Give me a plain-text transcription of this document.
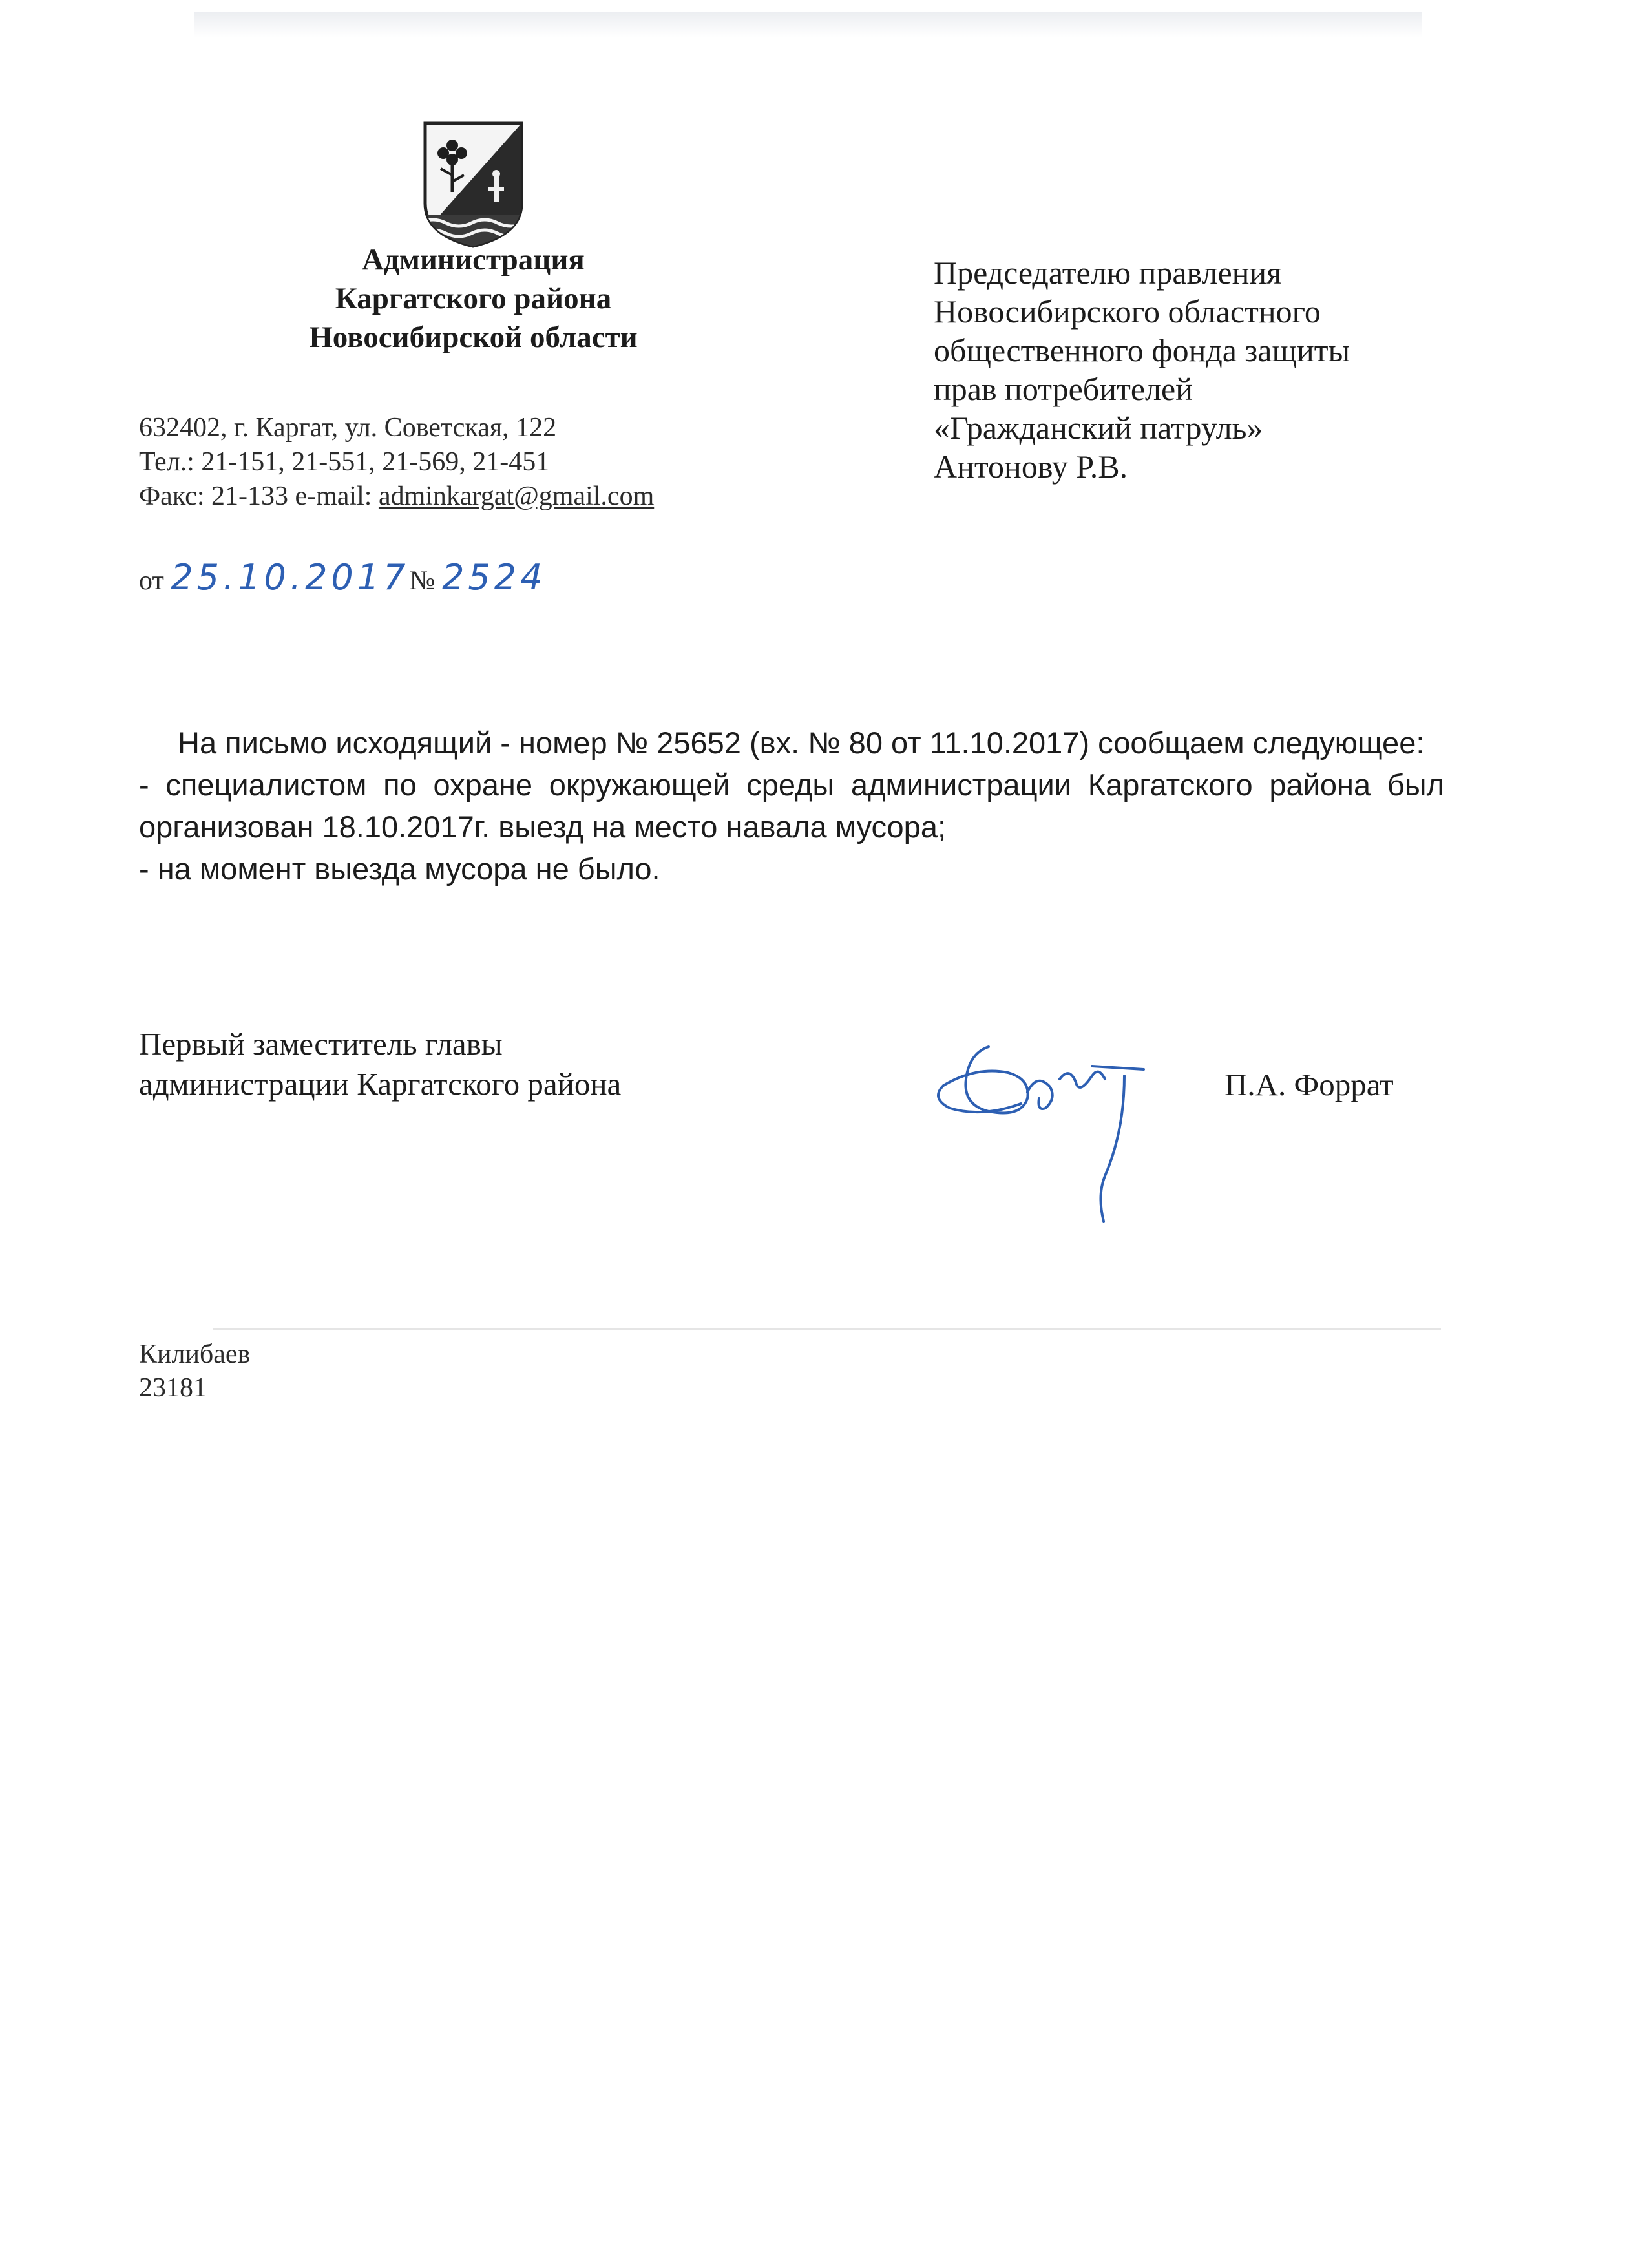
Администрация
Каргатского района
Новосибирской области
632402, г. Каргат, ул. Советская, 122
Тел.: 21-151, 21-551, 21-569, 21-451
Факс: 21-133 e-mail: adminkargat@gmail.com
от 25.10.2017№ 2524
Председателю правления
Новосибирского областного
общественного фонда защиты
прав потребителей
«Гражданский патруль»
Антонову Р.В.

На письмо исходящий - номер № 25652 (вх. № 80 от 11.10.2017) сообщаем следующее:

- специалистом по охране окружающей среды администрации Каргатского района был организован 18.10.2017г. выезд на место навала мусора;

- на момент выезда мусора не было.

Первый заместитель главы
администрации Каргатского района	П.А. Форрат
Килибаев
23181
